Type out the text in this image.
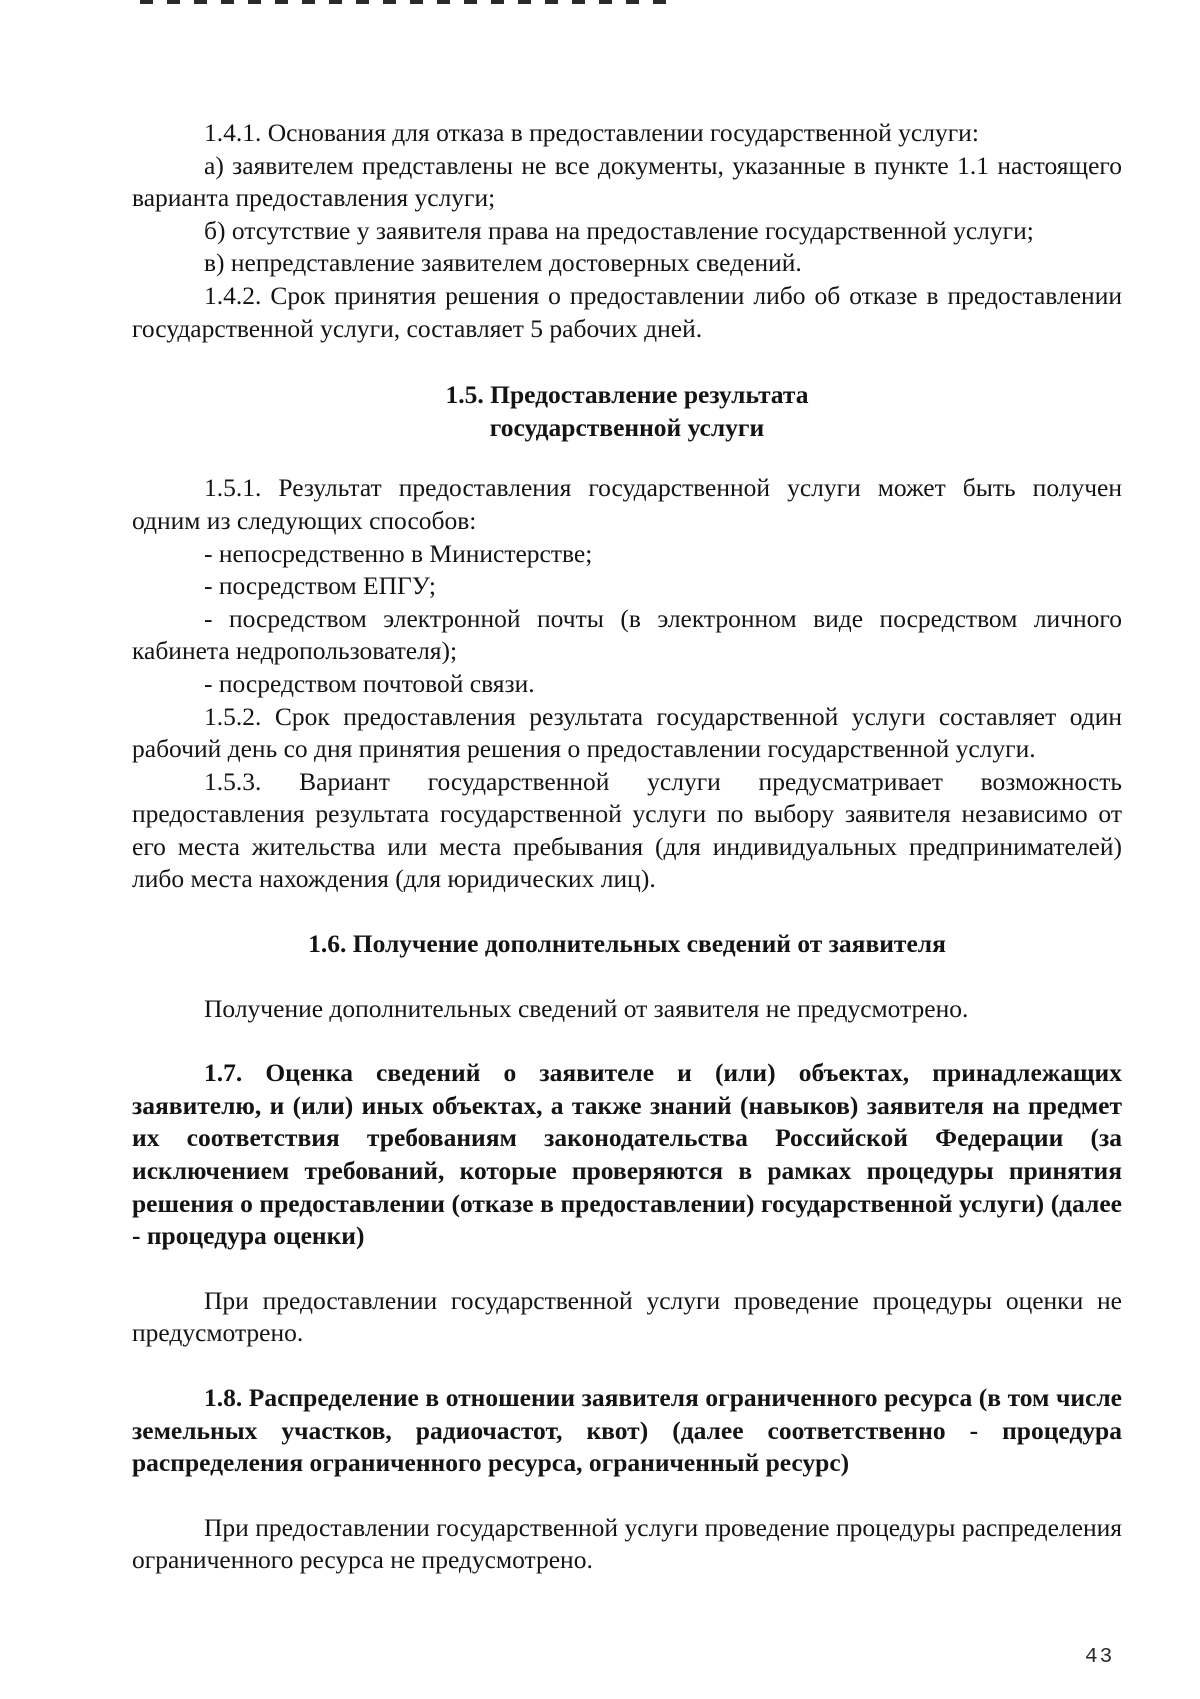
1.4.1. Основания для отказа в предоставлении государственной услуги:

а) заявителем представлены не все документы, указанные в пункте 1.1 настоящего варианта предоставления услуги;

б) отсутствие у заявителя права на предоставление государственной услуги;

в) непредставление заявителем достоверных сведений.

1.4.2. Срок принятия решения о предоставлении либо об отказе в предоставлении государственной услуги, составляет 5 рабочих дней.

1.5. Предоставление результата
государственной услуги

1.5.1. Результат предоставления государственной услуги может быть получен одним из следующих способов:

- непосредственно в Министерстве;

- посредством ЕПГУ;

- посредством электронной почты (в электронном виде посредством личного кабинета недропользователя);

- посредством почтовой связи.

1.5.2. Срок предоставления результата государственной услуги составляет один рабочий день со дня принятия решения о предоставлении государственной услуги.

1.5.3. Вариант государственной услуги предусматривает возможность предоставления результата государственной услуги по выбору заявителя независимо от его места жительства или места пребывания (для индивидуальных предпринимателей) либо места нахождения (для юридических лиц).

1.6. Получение дополнительных сведений от заявителя

Получение дополнительных сведений от заявителя не предусмотрено.

1.7. Оценка сведений о заявителе и (или) объектах, принадлежащих заявителю, и (или) иных объектах, а также знаний (навыков) заявителя на предмет их соответствия требованиям законодательства Российской Федерации (за исключением требований, которые проверяются в рамках процедуры принятия решения о предоставлении (отказе в предоставлении) государственной услуги) (далее - процедура оценки)

При предоставлении государственной услуги проведение процедуры оценки не предусмотрено.

1.8. Распределение в отношении заявителя ограниченного ресурса (в том числе земельных участков, радиочастот, квот) (далее соответственно - процедура распределения ограниченного ресурса, ограниченный ресурс)

При предоставлении государственной услуги проведение процедуры распределения ограниченного ресурса не предусмотрено.

43
